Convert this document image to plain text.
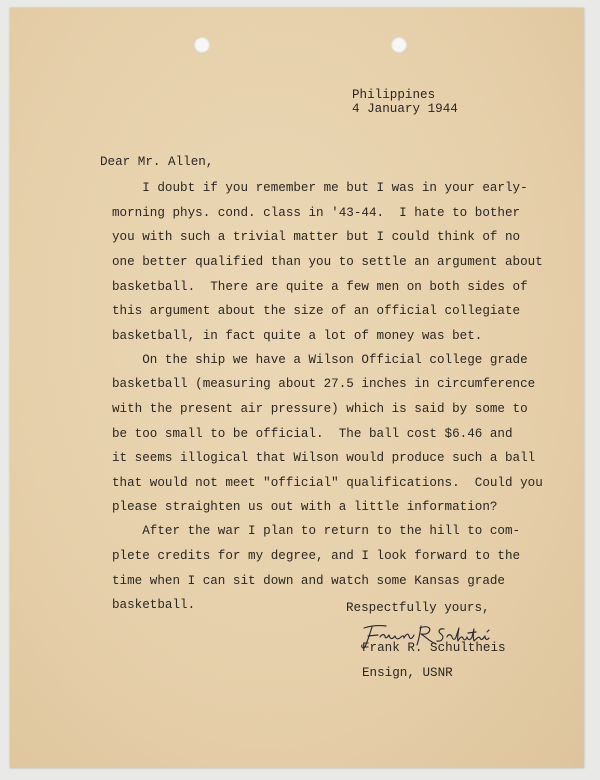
Philippines
4 January 1944
Dear Mr. Allen,
I doubt if you remember me but I was in your early-
morning phys. cond. class in '43-44.  I hate to bother
you with such a trivial matter but I could think of no
one better qualified than you to settle an argument about
basketball.  There are quite a few men on both sides of
this argument about the size of an official collegiate
basketball, in fact quite a lot of money was bet.
On the ship we have a Wilson Official college grade
basketball (measuring about 27.5 inches in circumference
with the present air pressure) which is said by some to
be too small to be official.  The ball cost $6.46 and
it seems illogical that Wilson would produce such a ball
that would not meet "official" qualifications.  Could you
please straighten us out with a little information?
After the war I plan to return to the hill to com-
plete credits for my degree, and I look forward to the
time when I can sit down and watch some Kansas grade
basketball.	Respectfully yours,
Frank R. Schultheis
Ensign, USNR
